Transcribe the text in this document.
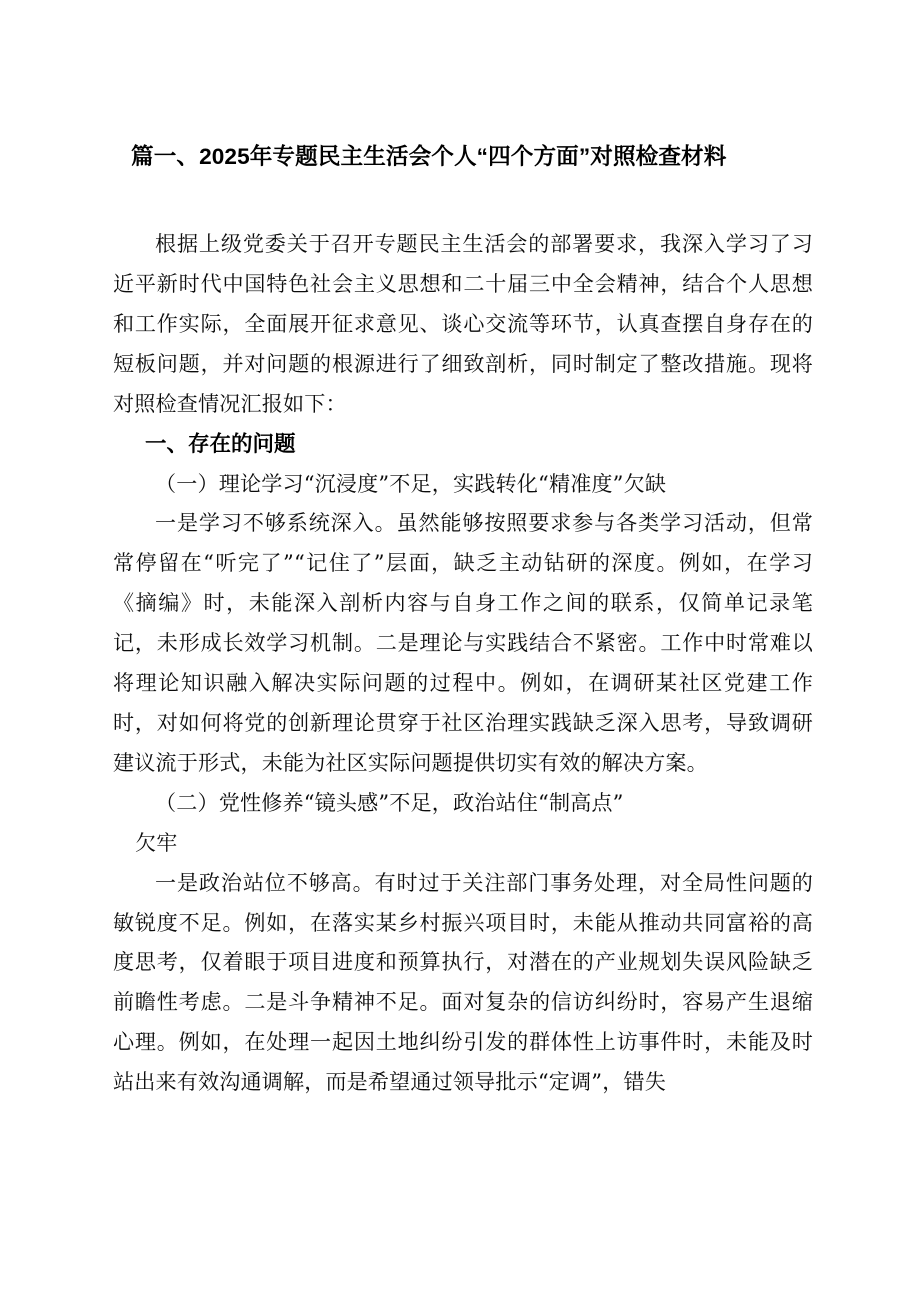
篇一、2025年专题民主生活会个人“四个方面”对照检查材料

根据上级党委关于召开专题民主生活会的部署要求，我深入学习了习近平新时代中国特色社会主义思想和二十届三中全会精神，结合个人思想和工作实际，全面展开征求意见、谈心交流等环节，认真查摆自身存在的短板问题，并对问题的根源进行了细致剖析，同时制定了整改措施。现将对照检查情况汇报如下：

一、存在的问题

（一）理论学习“沉浸度”不足，实践转化“精准度”欠缺

一是学习不够系统深入。虽然能够按照要求参与各类学习活动，但常常停留在“听完了”“记住了”层面，缺乏主动钻研的深度。例如，在学习《摘编》时，未能深入剖析内容与自身工作之间的联系，仅简单记录笔记，未形成长效学习机制。二是理论与实践结合不紧密。工作中时常难以将理论知识融入解决实际问题的过程中。例如，在调研某社区党建工作时，对如何将党的创新理论贯穿于社区治理实践缺乏深入思考，导致调研建议流于形式，未能为社区实际问题提供切实有效的解决方案。

（二）党性修养“镜头感”不足，政治站住“制高点”

欠牢

一是政治站位不够高。有时过于关注部门事务处理，对全局性问题的敏锐度不足。例如，在落实某乡村振兴项目时，未能从推动共同富裕的高度思考，仅着眼于项目进度和预算执行，对潜在的产业规划失误风险缺乏前瞻性考虑。二是斗争精神不足。面对复杂的信访纠纷时，容易产生退缩心理。例如，在处理一起因土地纠纷引发的群体性上访事件时，未能及时站出来有效沟通调解，而是希望通过领导批示“定调”，错失
